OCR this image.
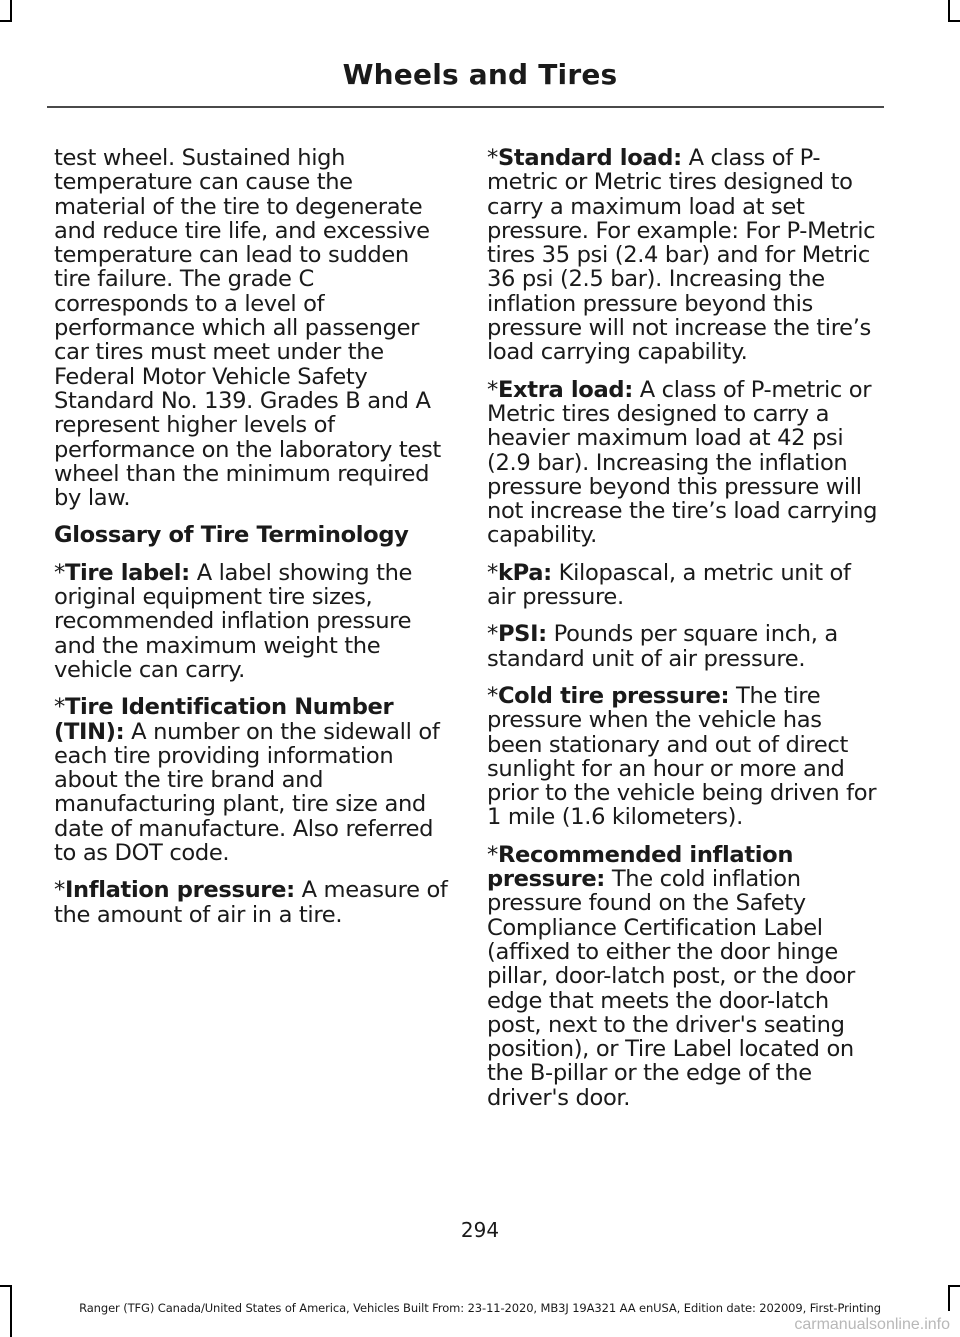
Wheels and Tires

test wheel. Sustained high temperature can cause the material of the tire to degenerate and reduce tire life, and excessive temperature can lead to sudden tire failure. The grade C corresponds to a level of performance which all passenger car tires must meet under the Federal Motor Vehicle Safety Standard No. 139. Grades B and A represent higher levels of performance on the laboratory test wheel than the minimum required by law.

Glossary of Tire Terminology

*Tire label: A label showing the original equipment tire sizes, recommended inflation pressure and the maximum weight the vehicle can carry.

*Tire Identification Number (TIN): A number on the sidewall of each tire providing information about the tire brand and manufacturing plant, tire size and date of manufacture. Also referred to as DOT code.

*Inflation pressure: A measure of the amount of air in a tire.

*Standard load: A class of P-metric or Metric tires designed to carry a maximum load at set pressure. For example: For P-Metric tires 35 psi (2.4 bar) and for Metric 36 psi (2.5 bar). Increasing the inflation pressure beyond this pressure will not increase the tire’s load carrying capability.

*Extra load: A class of P-metric or Metric tires designed to carry a heavier maximum load at 42 psi (2.9 bar). Increasing the inflation pressure beyond this pressure will not increase the tire’s load carrying capability.

*kPa: Kilopascal, a metric unit of air pressure.

*PSI: Pounds per square inch, a standard unit of air pressure.

*Cold tire pressure: The tire pressure when the vehicle has been stationary and out of direct sunlight for an hour or more and prior to the vehicle being driven for 1 mile (1.6 kilometers).

*Recommended inflation pressure: The cold inflation pressure found on the Safety Compliance Certification Label (affixed to either the door hinge pillar, door-latch post, or the door edge that meets the door-latch post, next to the driver's seating position), or Tire Label located on the B-pillar or the edge of the driver's door.

294
Ranger (TFG) Canada/United States of America, Vehicles Built From: 23-11-2020, MB3J 19A321 AA enUSA, Edition date: 202009, First-Printing
carmanualsonline.info
